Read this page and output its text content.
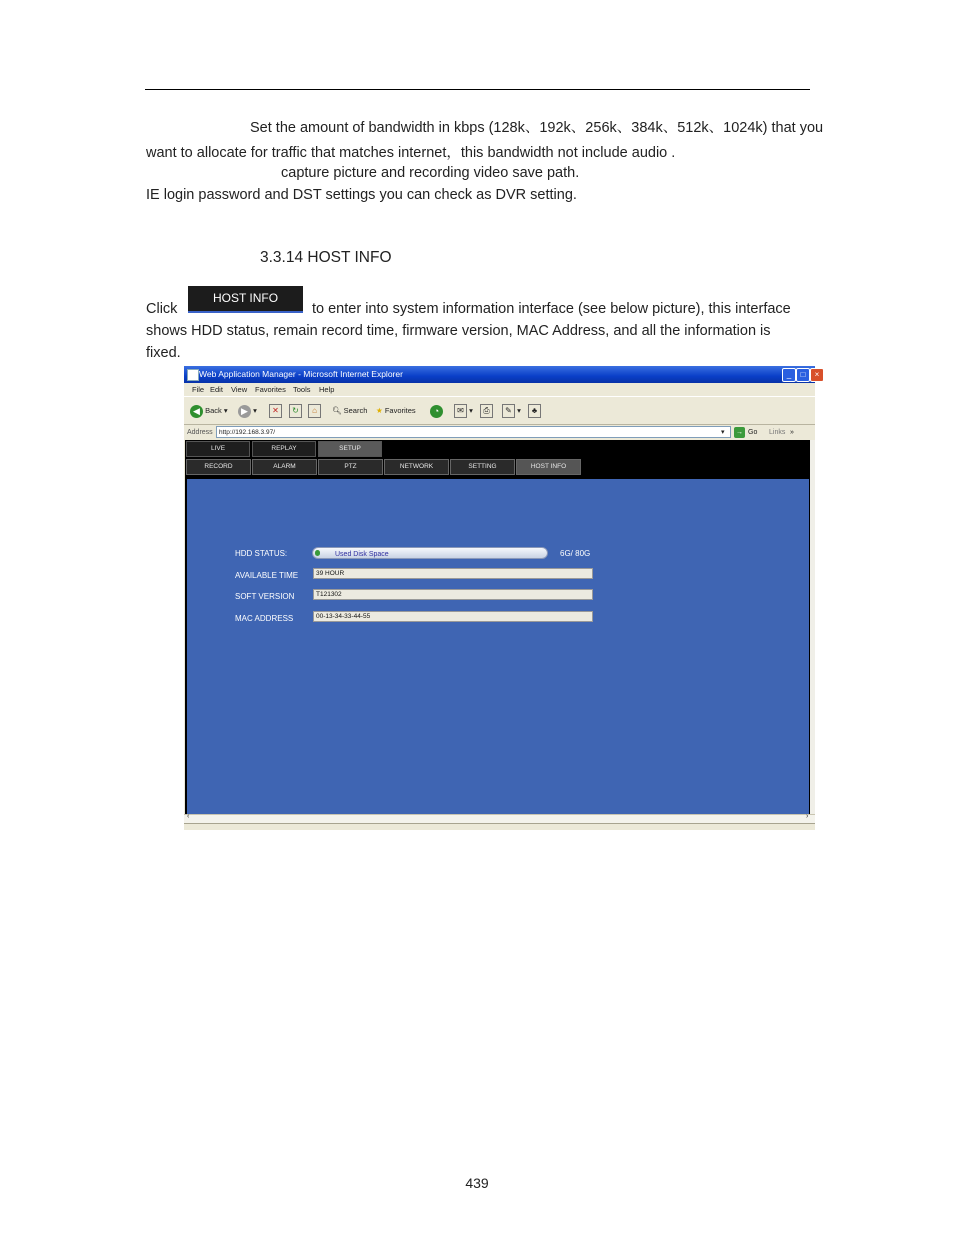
Set the amount of bandwidth in kbps (128k、192k、256k、384k、512k、1024k) that you
want to allocate for traffic that matches internet，this bandwidth not include audio .
capture picture and recording video save path.
IE login password and DST settings you can check as DVR setting.
3.3.14 HOST INFO
Click
HOST INFO
to enter into system information interface (see below picture), this interface
shows HDD status, remain record time, firmware version, MAC Address, and all the information is
fixed.
Web Application Manager - Microsoft Internet Explorer	_	□	×
File Edit View Favorites Tools Help
◀ Back ▾	▶ ▾	✕	↻	⌂	🔍︎ Search ★ Favorites	◔	✉ ▾	⎙	✎ ▾	♣
Address http://192.168.3.97/	▾ → Go Links »
LIVE	REPLAY	SETUP
RECORD	ALARM	PTZ	NETWORK	SETTING	HOST INFO
HDD STATUS:	Used Disk Space	6G/ 80G
AVAILABLE TIME	39 HOUR
SOFT VERSION	T121302
MAC ADDRESS	00-13-34-33-44-55
‹	›
439
